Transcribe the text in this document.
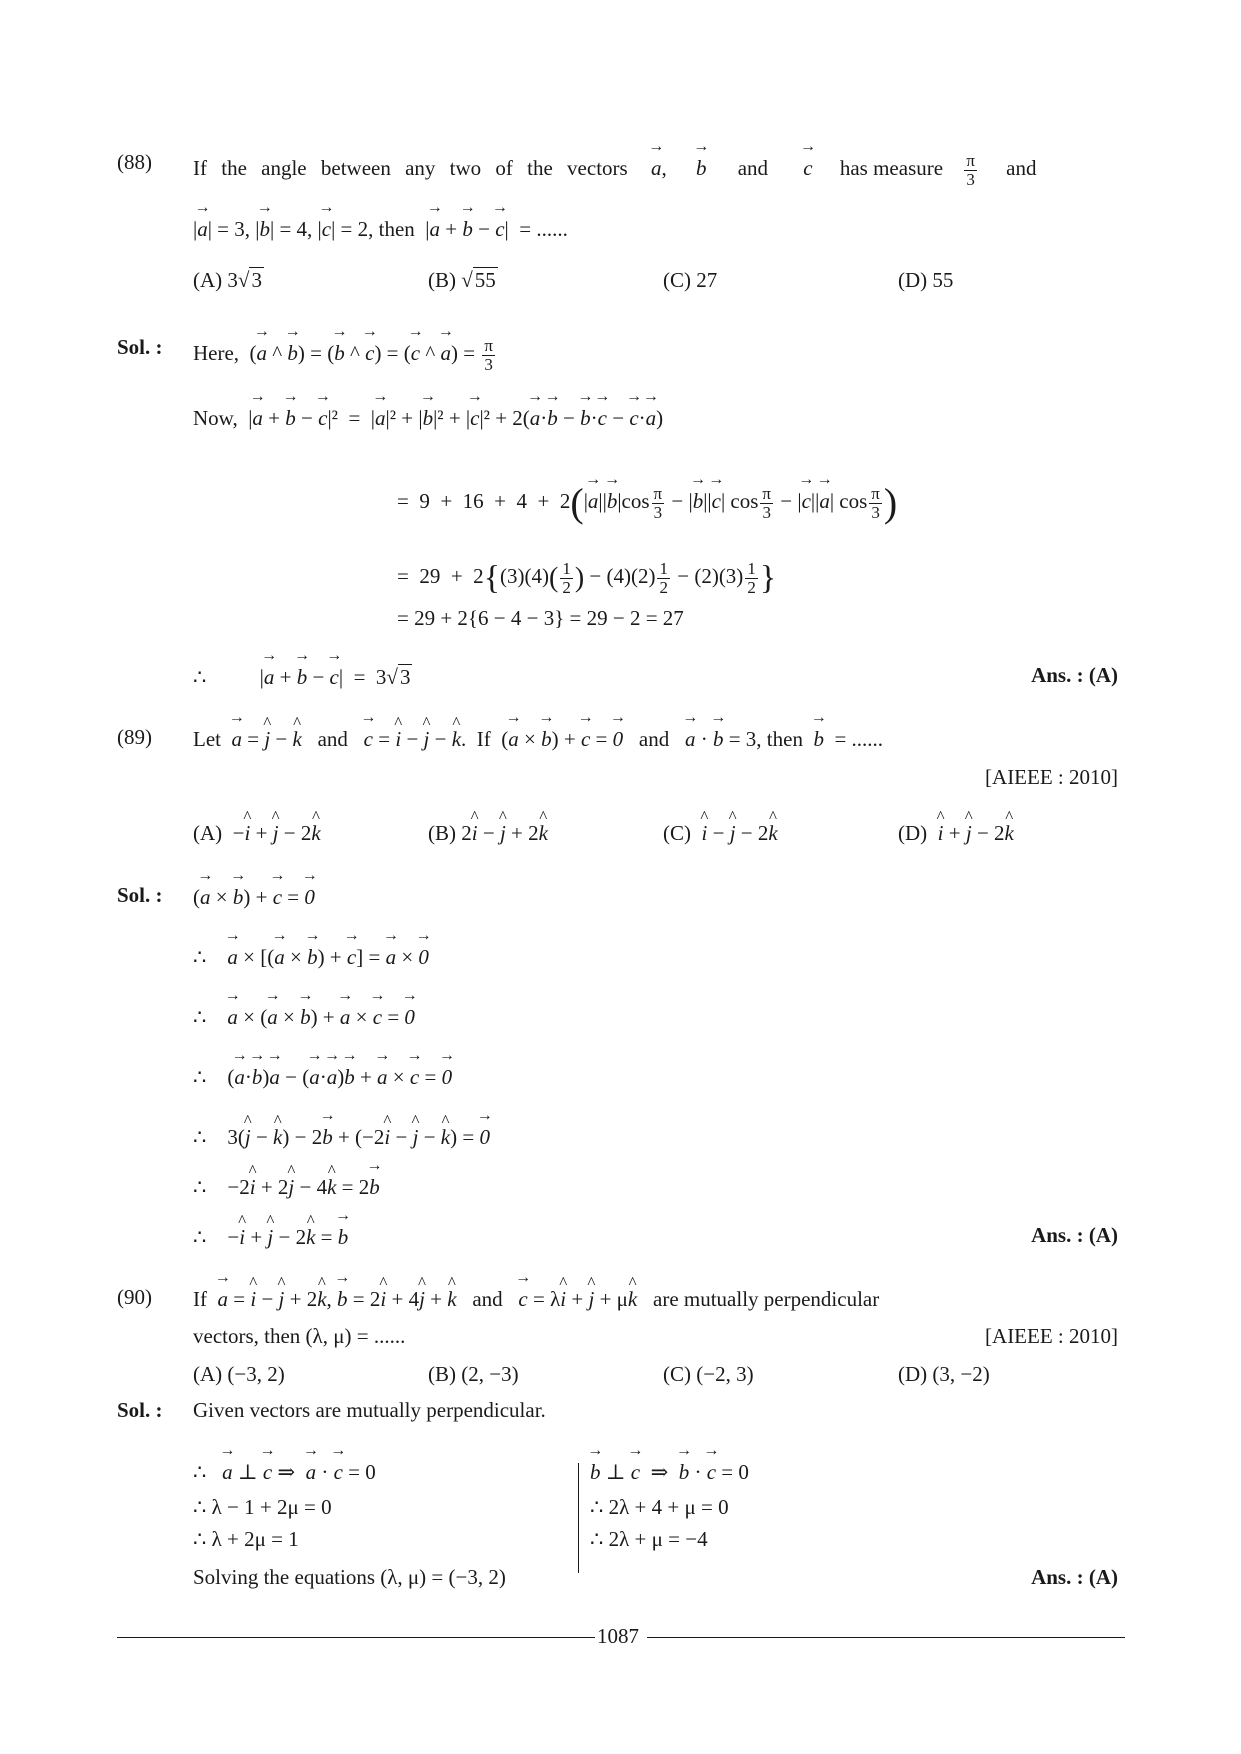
(88) If the angle between any two of the vectors → a, → b and → c has measure $\frac{\pi}{3}$ and
|→ a| = 3, |→ b| = 4, |→ c| = 2, then  |→ a + → b − → c|  = ......
(A) 3√3	(B) √55	(C) 27	(D) 55
Sol. : Here,  (→ a ^ → b) = (→ b ^ → c) = (→ c ^ → $a) = \frac{\pi}{3}$
Now,  |→ a + → b − → c|²  =  |→ a|² + |→ b|² + |→ c|² + 2(→ a·→ b − → b·→ c − → c·→ a)
=  $9 + 16 + 4 + 2(|\to a||\to b|\cos \frac{\pi}{3}$ − |→ b||→ c| $\cos \frac{\pi}{3}$ − |→ c||→ a| $\cos \frac{\pi}{3}$ )
=  $29 + 2\{(3)(4)( \frac{1}{2}$ ) − $(4)(2) \frac{1}{2} - (2)(3) \frac{1}{2}$ }
= 29 + 2{6 − 4 − 3} = 29 − 2 = 27
∴ |→ a + → b − → c|  =  3√3	Ans. : (A)
(89) Let  → a = ^ j − ^ k   and   → c = ^ i − ^ j − ^ k.  If  (→ a × → b) + → c = → 0   and   → a · → b = 3, then  → b  = ......
[AIEEE : 2010]
(A)  −^ i + ^ j − 2^ k	(B) 2^ i − ^ j + 2^ k	(C)  ^ i − ^ j − 2^ k	(D)  ^ i + ^ j − 2^ k
Sol. : (→ a × → b) + → c = → 0
∴    → a × [(→ a × → b) + → c] = → a × → 0
∴    → a × (→ a × → b) + → a × → c = → 0
∴    (→ a·→ b)→ a − (→ a·→ a)→ b + → a × → c = → 0
∴    3(^ j − ^ k) − 2→ b + (−2^ i − ^ j − ^ k) = → 0
∴    −2^ i + 2^ j − 4^ k = 2→ b
∴    −^ i + ^ j − 2^ k = → b	Ans. : (A)
(90) If  → a = ^ i − ^ j + 2^ k, → b = 2^ i + 4^ j + ^ k   and   → c = λ^ i + ^ j + μ^ k   are mutually perpendicular
vectors, then (λ, μ) = ......	[AIEEE : 2010]
(A) (−3, 2)	(B) (2, −3)	(C) (−2, 3)	(D) (3, −2)
Sol. : Given vectors are mutually perpendicular.
∴   → a ⊥ → c ⇒  → a · → c = 0
∴ λ − 1 + 2μ = 0
∴ λ + 2μ = 1
→ b ⊥ → c  ⇒  → b · → c = 0
∴ 2λ + 4 + μ = 0
∴ 2λ + μ = −4
Solving the equations (λ, μ) = (−3, 2)	Ans. : (A)
1087
